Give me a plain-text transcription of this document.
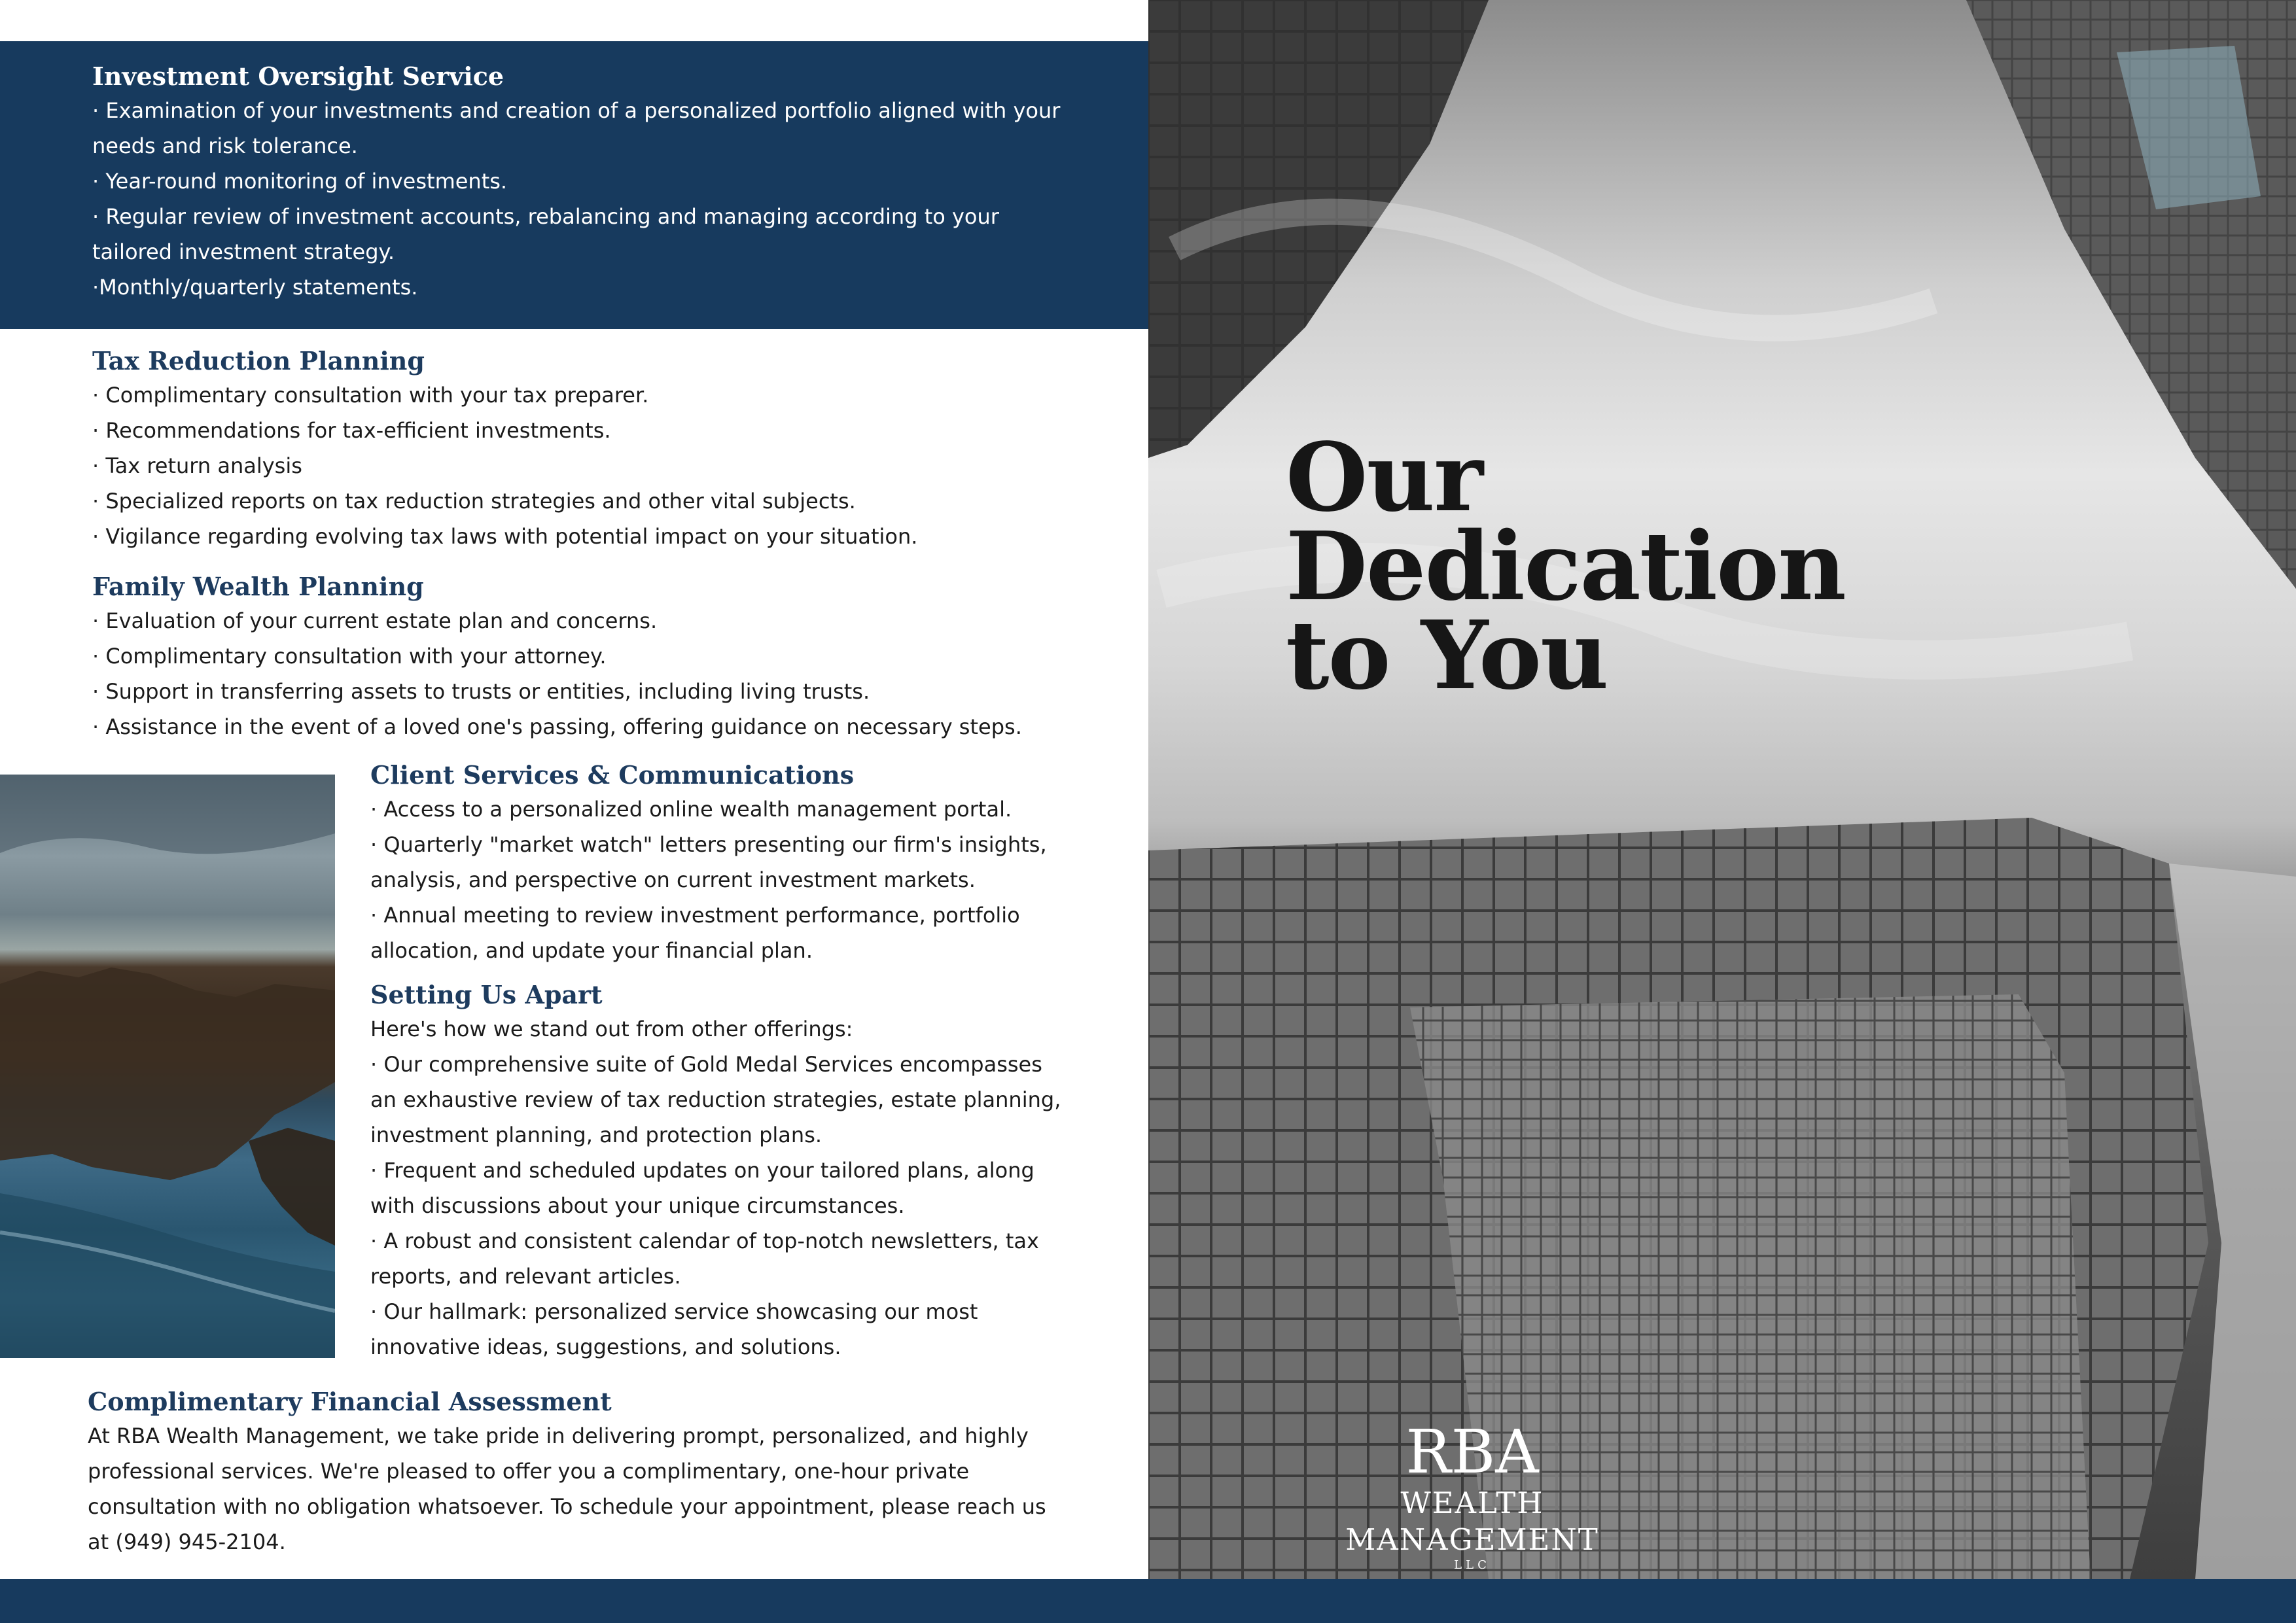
Investment Oversight Service

· Examination of your investments and creation of a personalized portfolio aligned with your
needs and risk tolerance.
· Year-round monitoring of investments.
· Regular review of investment accounts, rebalancing and managing according to your
tailored investment strategy.
·Monthly/quarterly statements.

Tax Reduction Planning

· Complimentary consultation with your tax preparer.
· Recommendations for tax-efficient investments.
· Tax return analysis
· Specialized reports on tax reduction strategies and other vital subjects.
· Vigilance regarding evolving tax laws with potential impact on your situation.

Family Wealth Planning

· Evaluation of your current estate plan and concerns.
· Complimentary consultation with your attorney.
· Support in transferring assets to trusts or entities, including living trusts.
· Assistance in the event of a loved one's passing, offering guidance on necessary steps.

Client Services & Communications

· Access to a personalized online wealth management portal.
· Quarterly "market watch" letters presenting our firm's insights,
analysis, and perspective on current investment markets.
· Annual meeting to review investment performance, portfolio
allocation, and update your financial plan.

Setting Us Apart

Here's how we stand out from other offerings:
· Our comprehensive suite of Gold Medal Services encompasses
an exhaustive review of tax reduction strategies, estate planning,
investment planning, and protection plans.
· Frequent and scheduled updates on your tailored plans, along
with discussions about your unique circumstances.
· A robust and consistent calendar of top-notch newsletters, tax
reports, and relevant articles.
· Our hallmark: personalized service showcasing our most
innovative ideas, suggestions, and solutions.

Complimentary Financial Assessment

At RBA Wealth Management, we take pride in delivering prompt, personalized, and highly
professional services. We're pleased to offer you a complimentary, one-hour private
consultation with no obligation whatsoever. To schedule your appointment, please reach us
at (949) 945-2104.

Our
Dedication
to You
RBA
WEALTH MANAGEMENT
LLC
